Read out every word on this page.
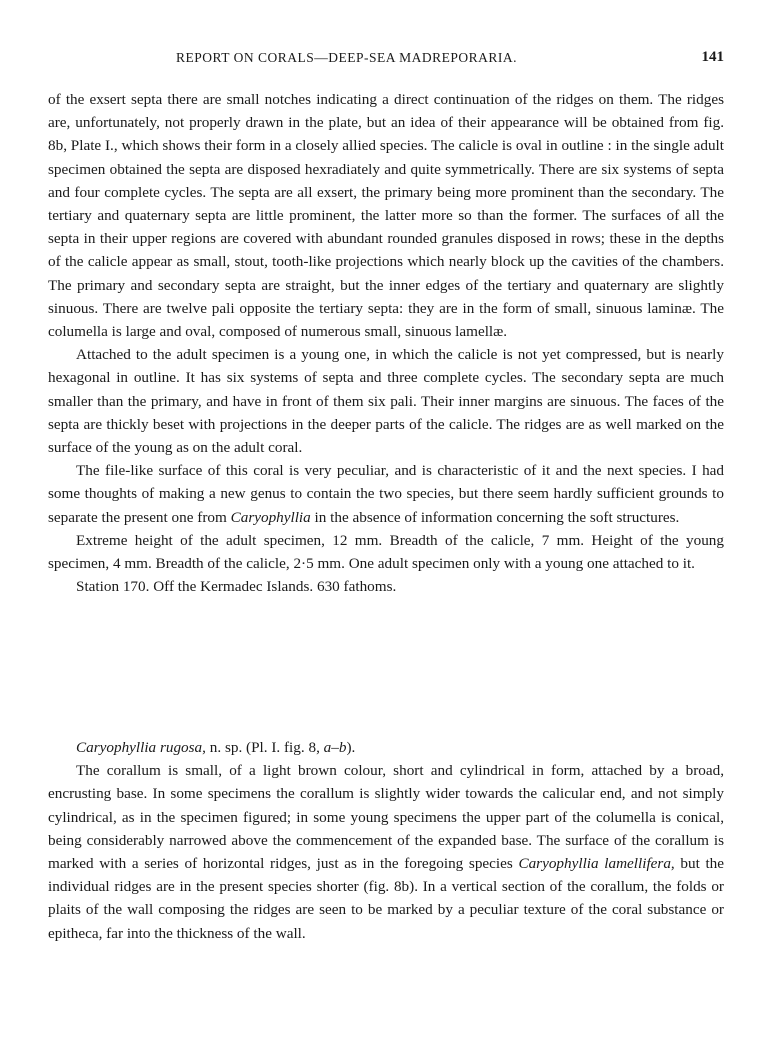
REPORT ON CORALS—DEEP-SEA MADREPORARIA.	141

of the exsert septa there are small notches indicating a direct continuation of the ridges on them. The ridges are, unfortunately, not properly drawn in the plate, but an idea of their appearance will be obtained from fig. 8b, Plate I., which shows their form in a closely allied species. The calicle is oval in outline : in the single adult specimen obtained the septa are disposed hexradiately and quite symmetrically. There are six systems of septa and four complete cycles. The septa are all exsert, the primary being more prominent than the secondary. The tertiary and quaternary septa are little prominent, the latter more so than the former. The surfaces of all the septa in their upper regions are covered with abundant rounded granules disposed in rows; these in the depths of the calicle appear as small, stout, tooth-like projections which nearly block up the cavities of the chambers. The primary and secondary septa are straight, but the inner edges of the tertiary and quaternary are slightly sinuous. There are twelve pali opposite the tertiary septa: they are in the form of small, sinuous laminæ. The columella is large and oval, composed of numerous small, sinuous lamellæ.

Attached to the adult specimen is a young one, in which the calicle is not yet compressed, but is nearly hexagonal in outline. It has six systems of septa and three complete cycles. The secondary septa are much smaller than the primary, and have in front of them six pali. Their inner margins are sinuous. The faces of the septa are thickly beset with projections in the deeper parts of the calicle. The ridges are as well marked on the surface of the young as on the adult coral.

The file-like surface of this coral is very peculiar, and is characteristic of it and the next species. I had some thoughts of making a new genus to contain the two species, but there seem hardly sufficient grounds to separate the present one from Caryophyllia in the absence of information concerning the soft structures.

Extreme height of the adult specimen, 12 mm. Breadth of the calicle, 7 mm. Height of the young specimen, 4 mm. Breadth of the calicle, 2·5 mm. One adult specimen only with a young one attached to it.

Station 170. Off the Kermadec Islands. 630 fathoms.

Caryophyllia rugosa, n. sp. (Pl. I. fig. 8, a–b).

The corallum is small, of a light brown colour, short and cylindrical in form, attached by a broad, encrusting base. In some specimens the corallum is slightly wider towards the calicular end, and not simply cylindrical, as in the specimen figured; in some young specimens the upper part of the columella is conical, being considerably narrowed above the commencement of the expanded base. The surface of the corallum is marked with a series of horizontal ridges, just as in the foregoing species Caryophyllia lamellifera, but the individual ridges are in the present species shorter (fig. 8b). In a vertical section of the corallum, the folds or plaits of the wall composing the ridges are seen to be marked by a peculiar texture of the coral substance or epitheca, far into the thickness of the wall.
